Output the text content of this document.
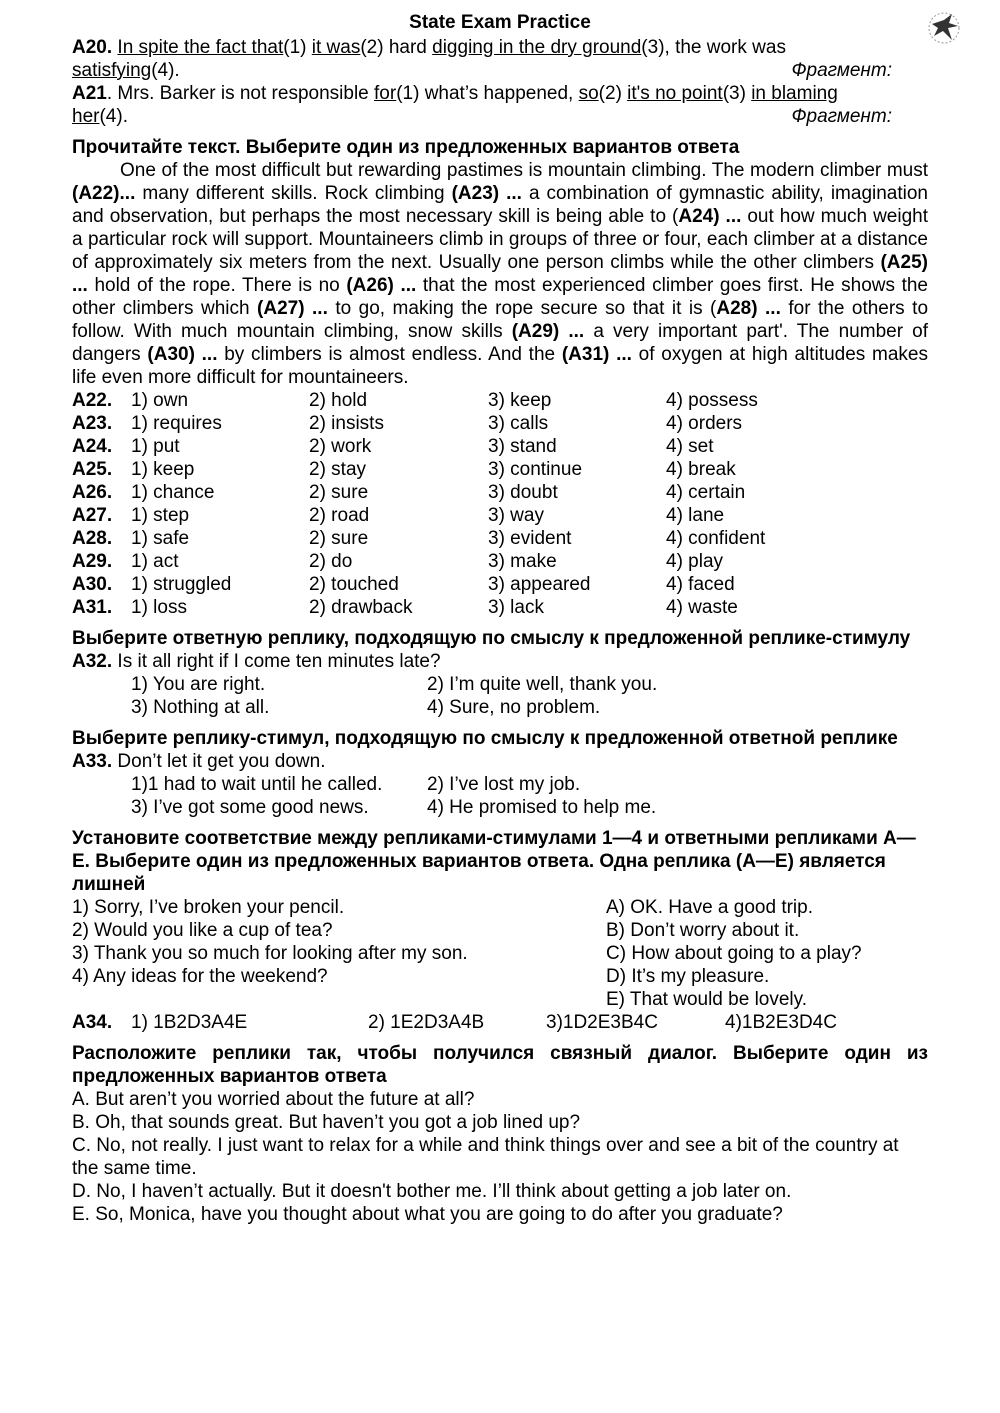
State Exam Practice
A20. In spite the fact that(1) it was(2) hard digging in the dry ground(3), the work was
satisfying(4).	Фрагмент:
A21. Mrs. Barker is not responsible for(1) what’s happened, so(2) it's no point(3) in blaming
her(4).	Фрагмент:
Прочитайте текст. Выберите один из предложенных вариантов ответа
One of the most difficult but rewarding pastimes is mountain climbing. The modern climber must (A22)... many different skills. Rock climbing (A23) ... a combination of gymnastic ability, imagination and observation, but perhaps the most necessary skill is being able to (A24) ... out how much weight a particular rock will support. Mountaineers climb in groups of three or four, each climber at a distance of approximately six meters from the next. Usually one person climbs while the other climbers (A25) ... hold of the rope. There is no (A26) ... that the most experienced climber goes first. He shows the other climbers which (A27) ... to go, making the rope secure so that it is (A28) ... for the others to follow. With much mountain climbing, snow skills (A29) ... a very important part'. The number of dangers (A30) ... by climbers is almost endless. And the (A31) ... of oxygen at high altitudes makes life even more difficult for mountaineers.
A22. 1) own	2) hold	3) keep	4) possess
A23. 1) requires	2) insists	3) calls	4) orders
A24. 1) put	2) work	3) stand	4) set
A25. 1) keep	2) stay	3) continue	4) break
A26. 1) chance	2) sure	3) doubt	4) certain
A27. 1) step	2) road	3) way	4) lane
A28. 1) safe	2) sure	3) evident	4) confident
A29. 1) act	2) do	3) make	4) play
A30. 1) struggled	2) touched	3) appeared	4) faced
A31. 1) loss	2) drawback	3) lack	4) waste
Выберите ответную реплику, подходящую по смыслу к предложенной реплике-стимулу
A32. Is it all right if I come ten minutes late?
1) You are right.	2) I’m quite well, thank you.
3) Nothing at all.	4) Sure, no problem.
Выберите реплику-стимул, подходящую по смыслу к предложенной ответной реплике
A33. Don’t let it get you down.
1)1 had to wait until he called. 2) I’ve lost my job.
3) I’ve got some good news.	4) He promised to help me.
Установите соответствие между репликами-стимулами 1—4 и ответными репликами А—Е. Выберите один из предложенных вариантов ответа. Одна реплика (А—Е) является лишней
1) Sorry, I’ve broken your pencil.	A) OK. Have a good trip.
2) Would you like a cup of tea?	B) Don’t worry about it.
3) Thank you so much for looking after my son.	C) How about going to a play?
4) Any ideas for the weekend?	D) It’s my pleasure.
E) That would be lovely.
A34. 1) 1B2D3A4E	2) 1E2D3A4B	3)1D2E3B4C	4)1B2E3D4C
Расположите реплики так, чтобы получился связный диалог. Выберите один из предложенных вариантов ответа
A. But aren’t you worried about the future at all?
B. Oh, that sounds great. But haven’t you got a job lined up?
C. No, not really. I just want to relax for a while and think things over and see a bit of the country at the same time.
D. No, I haven’t actually. But it doesn't bother me. I’ll think about getting a job later on.
E. So, Monica, have you thought about what you are going to do after you graduate?
